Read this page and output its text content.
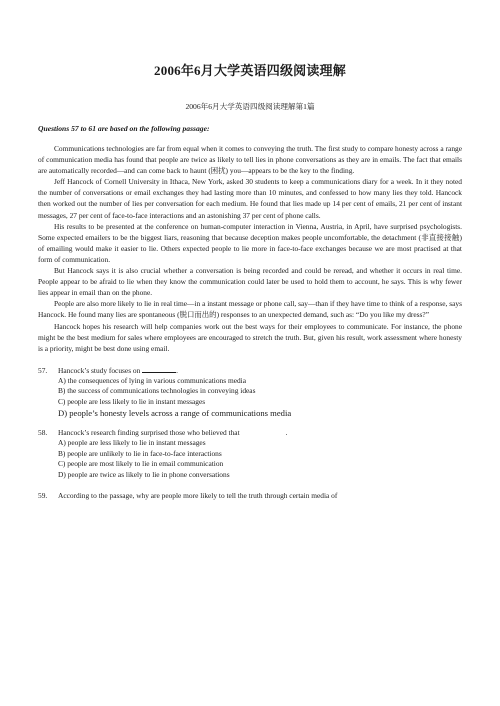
2006年6月大学英语四级阅读理解

2006年6月大学英语四级阅读理解第1篇

Questions 57 to 61 are based on the following passage:

Communications technologies are far from equal when it comes to conveying the truth. The first study to compare honesty across a range of communication media has found that people are twice as likely to tell lies in phone conversations as they are in emails. The fact that emails are automatically recorded—and can come back to haunt (困扰) you—appears to be the key to the finding.

Jeff Hancock of Cornell University in Ithaca, New York, asked 30 students to keep a communications diary for a week. In it they noted the number of conversations or email exchanges they had lasting more than 10 minutes, and confessed to how many lies they told. Hancock then worked out the number of lies per conversation for each medium. He found that lies made up 14 per cent of emails, 21 per cent of instant messages, 27 per cent of face-to-face interactions and an astonishing 37 per cent of phone calls.

His results to be presented at the conference on human-computer interaction in Vienna, Austria, in April, have surprised psychologists. Some expected emailers to be the biggest liars, reasoning that because deception makes people uncomfortable, the detachment (非直接接触) of emailing would make it easier to lie. Others expected people to lie more in face-to-face exchanges because we are most practised at that form of communication.

But Hancock says it is also crucial whether a conversation is being recorded and could be reread, and whether it occurs in real time. People appear to be afraid to lie when they know the communication could later be used to hold them to account, he says. This is why fewer lies appear in email than on the phone.

People are also more likely to lie in real time—in a instant message or phone call, say—than if they have time to think of a response, says Hancock. He found many lies are spontaneous (脱口而出的) responses to an unexpected demand, such as: “Do you like my dress?”

Hancock hopes his research will help companies work out the best ways for their employees to communicate. For instance, the phone might be the best medium for sales where employees are encouraged to stretch the truth. But, given his result, work assessment where honesty is a priority, might be best done using email.

57. Hancock’s study focuses on	.

A) the consequences of lying in various communications media

B) the success of communications technologies in conveying ideas

C) people are less likely to lie in instant messages

D) people’s honesty levels across a range of communications media

58. Hancock’s research finding surprised those who believed that	.

A) people are less likely to lie in instant messages

B) people are unlikely to lie in face-to-face interactions

C) people are most likely to lie in email communication

D) people are twice as likely to lie in phone conversations

59. According to the passage, why are people more likely to tell the truth through certain media of
